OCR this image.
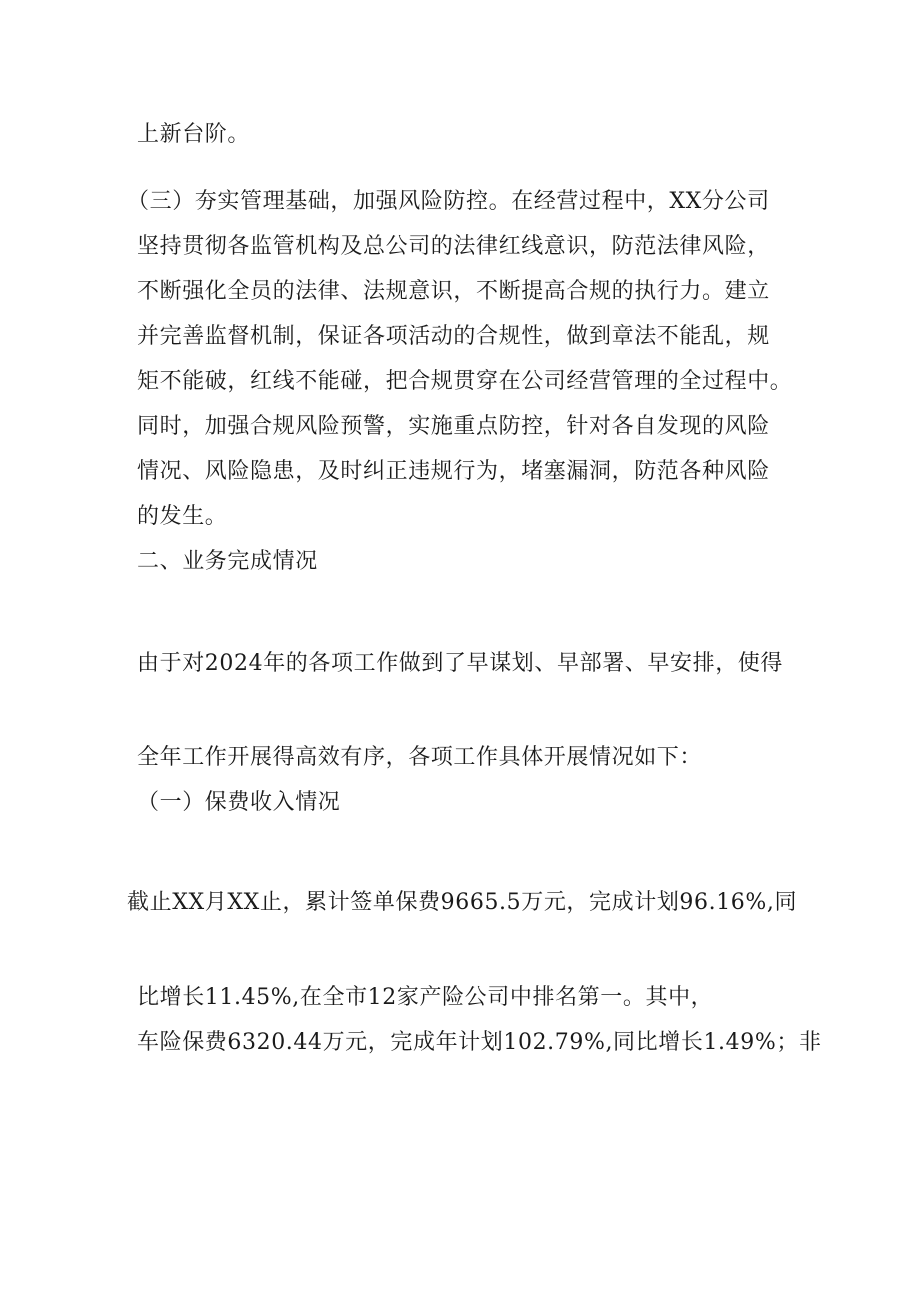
上新台阶。
（三）夯实管理基础，加强风险防控。在经营过程中，XX分公司
坚持贯彻各监管机构及总公司的法律红线意识，防范法律风险，
不断强化全员的法律、法规意识，不断提高合规的执行力。建立
并完善监督机制，保证各项活动的合规性，做到章法不能乱，规
矩不能破，红线不能碰，把合规贯穿在公司经营管理的全过程中。
同时，加强合规风险预警，实施重点防控，针对各自发现的风险
情况、风险隐患，及时纠正违规行为，堵塞漏洞，防范各种风险
的发生。
二、业务完成情况
由于对2024年的各项工作做到了早谋划、早部署、早安排，使得
全年工作开展得高效有序，各项工作具体开展情况如下：
（一）保费收入情况
截止XX月XX止，累计签单保费9665.5万元，完成计划96.16%,同
比增长11.45%,在全市12家产险公司中排名第一。其中，
车险保费6320.44万元，完成年计划102.79%,同比增长1.49%；非
